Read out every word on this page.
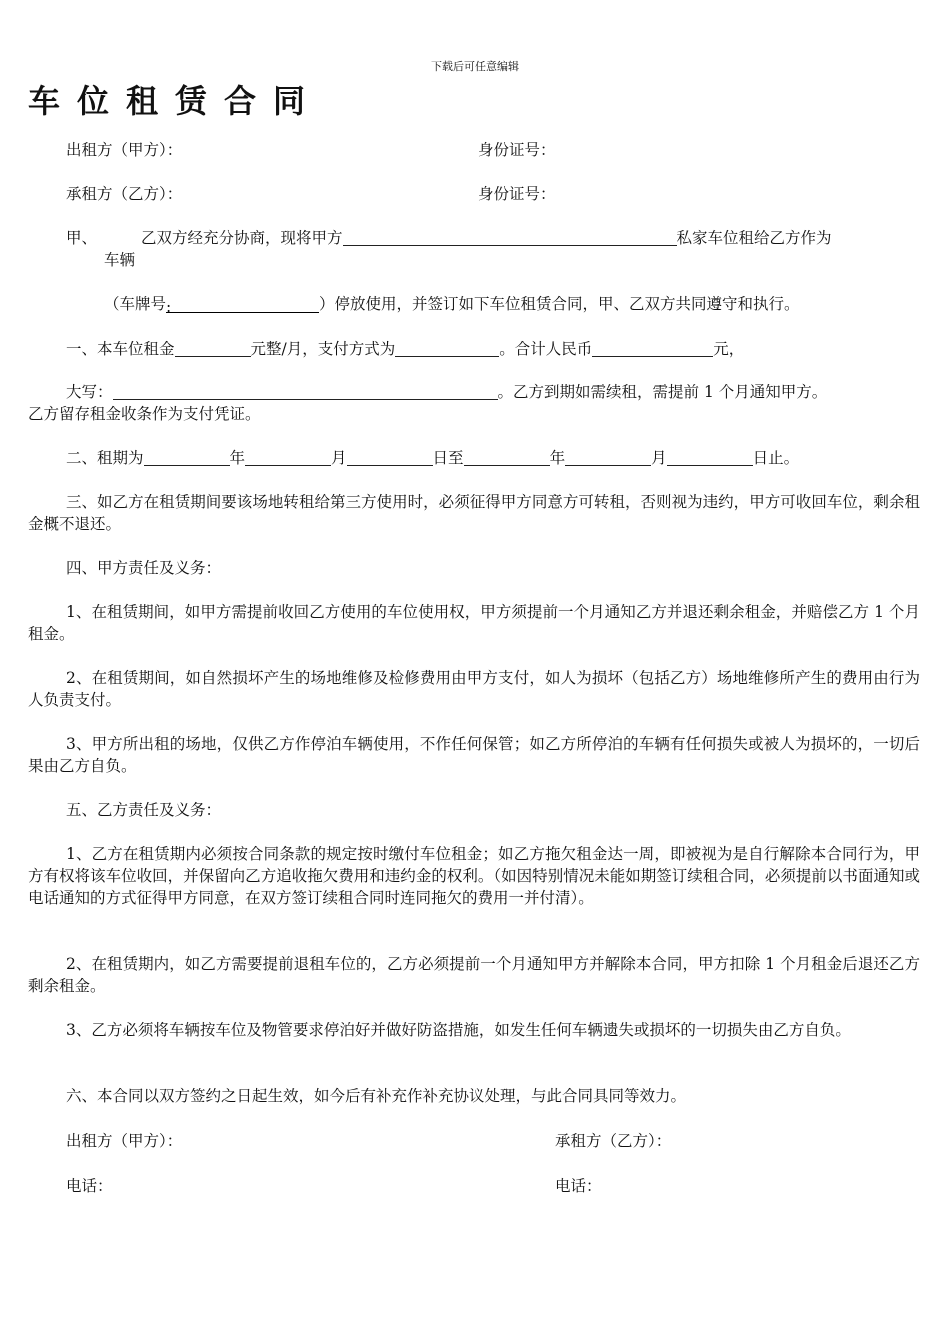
下载后可任意编辑
车位租赁合同
出租方（甲方）：	身份证号：
承租方（乙方）：	身份证号：
甲、	乙双方经充分协商，现将甲方	私家车位租给乙方作为
车辆
（车牌号:	）停放使用，并签订如下车位租赁合同，甲、乙双方共同遵守和执行。
一、本车位租金	元整/月，支付方式为	。合计人民币	元，
大写：	。乙方到期如需续租，需提前 1 个月通知甲方。
乙方留存租金收条作为支付凭证。
二、租期为	年	月	日至	年	月	日止。

三、如乙方在租赁期间要该场地转租给第三方使用时，必须征得甲方同意方可转租，否则视为违约，甲方可收回车位，剩余租金概不退还。

四、甲方责任及义务：

1、在租赁期间，如甲方需提前收回乙方使用的车位使用权，甲方须提前一个月通知乙方并退还剩余租金，并赔偿乙方 1 个月租金。

2、在租赁期间，如自然损坏产生的场地维修及检修费用由甲方支付，如人为损坏（包括乙方）场地维修所产生的费用由行为人负责支付。

3、甲方所出租的场地，仅供乙方作停泊车辆使用，不作任何保管；如乙方所停泊的车辆有任何损失或被人为损坏的，一切后果由乙方自负。

五、乙方责任及义务：

1、乙方在租赁期内必须按合同条款的规定按时缴付车位租金；如乙方拖欠租金达一周，即被视为是自行解除本合同行为，甲方有权将该车位收回，并保留向乙方追收拖欠费用和违约金的权利。（如因特别情况未能如期签订续租合同，必须提前以书面通知或电话通知的方式征得甲方同意，在双方签订续租合同时连同拖欠的费用一并付清）。

2、在租赁期内，如乙方需要提前退租车位的，乙方必须提前一个月通知甲方并解除本合同，甲方扣除 1 个月租金后退还乙方剩余租金。

3、乙方必须将车辆按车位及物管要求停泊好并做好防盗措施，如发生任何车辆遗失或损坏的一切损失由乙方自负。

六、本合同以双方签约之日起生效，如今后有补充作补充协议处理，与此合同具同等效力。

出租方（甲方）：	承租方（乙方）：
电话：	电话：
